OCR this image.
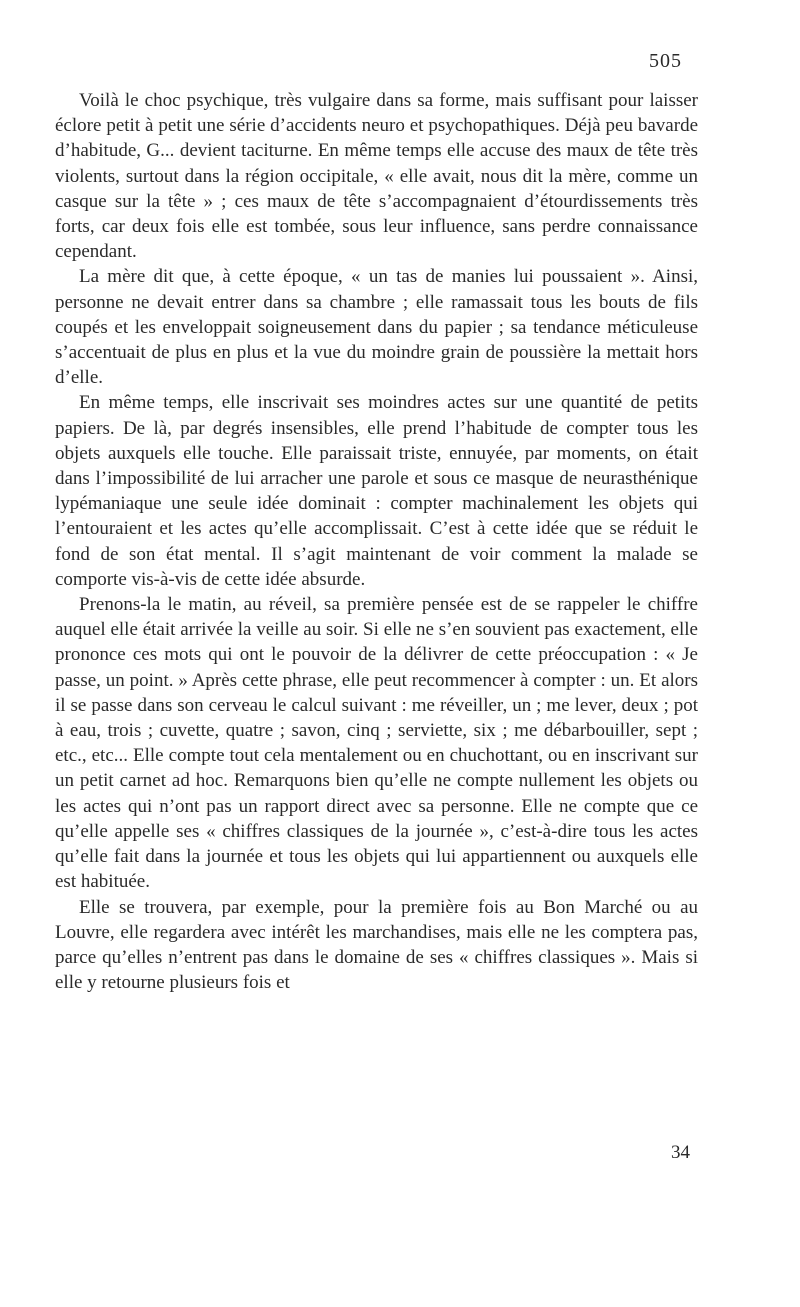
505

Voilà le choc psychique, très vulgaire dans sa forme, mais suffisant pour laisser éclore petit à petit une série d’accidents neuro et psychopathiques. Déjà peu bavarde d’habitude, G... devient taciturne. En même temps elle accuse des maux de tête très violents, surtout dans la région occipitale, « elle avait, nous dit la mère, comme un casque sur la tête » ; ces maux de tête s’accompagnaient d’étourdissements très forts, car deux fois elle est tombée, sous leur influence, sans perdre connaissance cependant.

La mère dit que, à cette époque, « un tas de manies lui poussaient ». Ainsi, personne ne devait entrer dans sa chambre ; elle ramassait tous les bouts de fils coupés et les enveloppait soigneusement dans du papier ; sa tendance méticuleuse s’accentuait de plus en plus et la vue du moindre grain de poussière la mettait hors d’elle.

En même temps, elle inscrivait ses moindres actes sur une quantité de petits papiers. De là, par degrés insensibles, elle prend l’habitude de compter tous les objets auxquels elle touche. Elle paraissait triste, ennuyée, par moments, on était dans l’impossibilité de lui arracher une parole et sous ce masque de neurasthénique lypémaniaque une seule idée dominait : compter machinalement les objets qui l’entouraient et les actes qu’elle accomplissait. C’est à cette idée que se réduit le fond de son état mental. Il s’agit maintenant de voir comment la malade se comporte vis-à-vis de cette idée absurde.

Prenons-la le matin, au réveil, sa première pensée est de se rappeler le chiffre auquel elle était arrivée la veille au soir. Si elle ne s’en souvient pas exactement, elle prononce ces mots qui ont le pouvoir de la délivrer de cette préoccupation : « Je passe, un point. » Après cette phrase, elle peut recommencer à compter : un. Et alors il se passe dans son cerveau le calcul suivant : me réveiller, un ; me lever, deux ; pot à eau, trois ; cuvette, quatre ; savon, cinq ; serviette, six ; me débarbouiller, sept ; etc., etc... Elle compte tout cela mentalement ou en chuchottant, ou en inscrivant sur un petit carnet ad hoc. Remarquons bien qu’elle ne compte nullement les objets ou les actes qui n’ont pas un rapport direct avec sa personne. Elle ne compte que ce qu’elle appelle ses « chiffres classiques de la journée », c’est-à-dire tous les actes qu’elle fait dans la journée et tous les objets qui lui appartiennent ou auxquels elle est habituée.

Elle se trouvera, par exemple, pour la première fois au Bon Marché ou au Louvre, elle regardera avec intérêt les marchandises, mais elle ne les comptera pas, parce qu’elles n’entrent pas dans le domaine de ses « chiffres classiques ». Mais si elle y retourne plusieurs fois et

34
